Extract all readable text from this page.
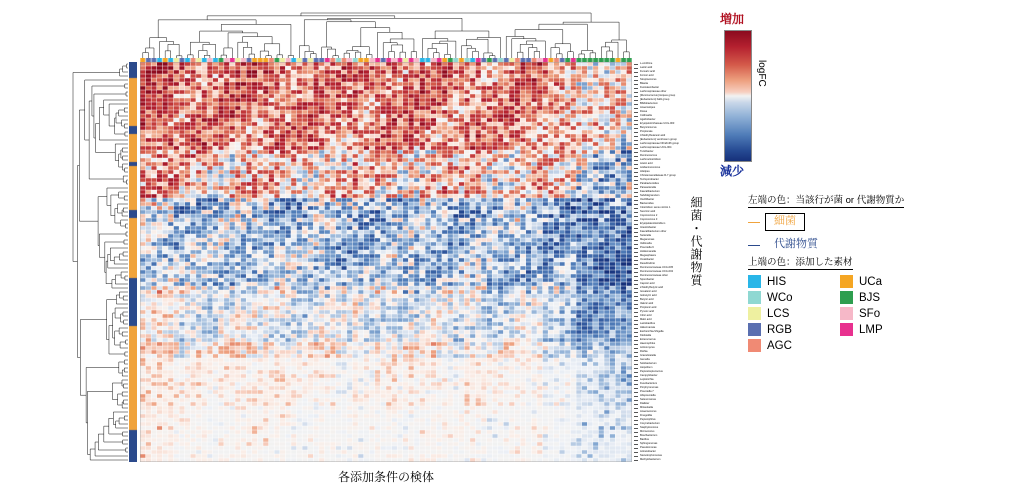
L-ornithine
Lactic acid
Fumaric acid
Formic acid
Streptococcus
Blautia
Fusicatenibacter
Lachnospiraceae other
[Ruminococcus] torques group
[Eubacterium] hallii group
Bifidobacterium
Anaerostipes
Dorea
Collinsella
Agathobacter
Erysipelotrichaceae UCG-003
Butyricicoccus
Propionate
3-Methylbutanoic acid
[Eubacterium] ventriosum group
Lachnospiraceae NK4A136 group
Lachnospiraceae UCG-004
Turicibacter
Ruminococcus
Lachnoclostridium
Acetic acid
Acidaminococcus
Alistipes
Christensenellaceae R-7 group
Terrisporobacter
Parabacteroides
Parasutterella
Faecalibacterium
Subdoligranulum
Oscillibacter
Bacteroides
Clostridium sensu stricto 1
Succinic acid
Coprococcus 2
Coprococcus 3
Erysipelatoclostridium
Intestinibacter
Faecalibacterium other
Sutterella
Megamonas
Veillonella
Prevotella 9
Holdemanella
Megasphaera
Oxalobacter
Desulfovibrio
Ruminococcaceae UCG-005
Ruminococcaceae UCG-002
Ruminococcaceae other
Sporobacter
Caproic acid
2-Methylbutyric acid
Isovaleric acid
Isobutyric acid
Butyric acid
Valeric acid
Propionic acid
Pyruvic acid
Citric acid
Malic acid
Lactobacillus
Akkermansia
Escherichia-Shigella
Klebsiella
Enterococcus
Haemophilus
Actinomyces
Rothia
Granulicatella
Gemella
Solobacterium
Atopobium
Peptostreptococcus
Campylobacter
Leptotrichia
Fusobacterium
Porphyromonas
Prevotella 7
Alloprevotella
Selenomonas
Dialister
Mitsuokella
Anaerococcus
Finegoldia
Peptoniphilus
Corynebacterium
Staphylococcus
Micrococcus
Brevibacterium
Bacillus
Sphingomonas
Pseudomonas
Acinetobacter
Stenotrophomonas
Methylobacterium
各添加条件の検体
細菌・代謝物質
増加
logFC
減少
左端の色：当該行が菌 or 代謝物質か
細菌
代謝物質
上端の色：添加した素材
HIS	UCa
WCo	BJS
LCS	SFo
RGB	LMP
AGC
